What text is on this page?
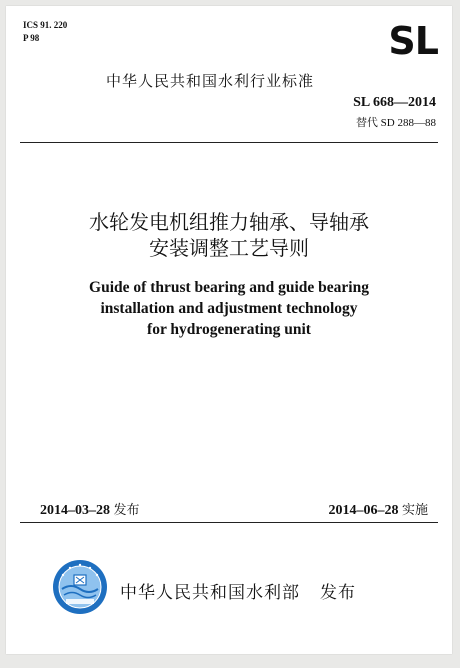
ICS 91. 220
P 98	SL
中华人民共和国水利行业标准
SL 668—2014
替代 SD 288—88
水轮发电机组推力轴承、导轴承
安装调整工艺导则
Guide of thrust bearing and guide bearing
installation and adjustment technology
for hydrogenerating unit
2014–03–28 发布	2014–06–28 实施
中华人民共和国水利部 发布
